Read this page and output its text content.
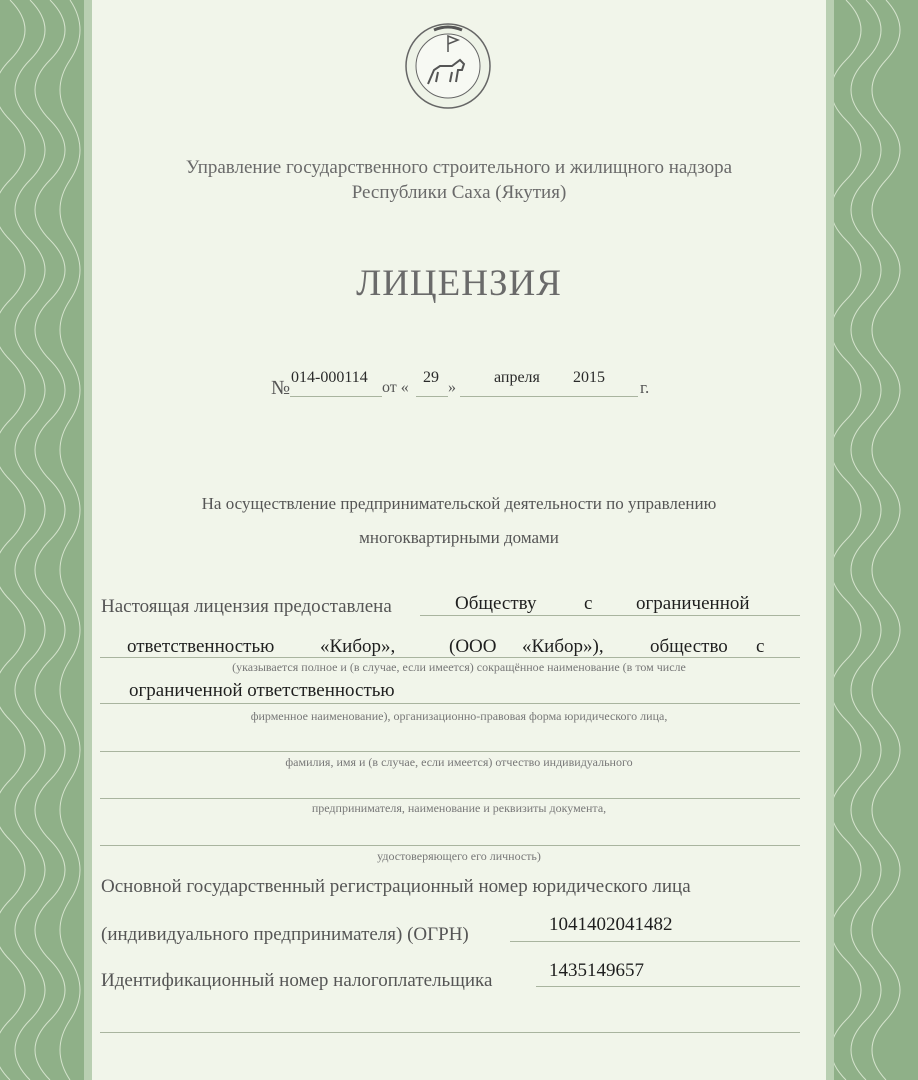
Управление государственного строительного и жилищного надзора
Республики Саха (Якутия)
ЛИЦЕНЗИЯ
№ 014-000114
от «
29
»
апреля 2015
г.
На осуществление предпринимательской деятельности по управлению
многоквартирными домами
Настоящая лицензия предоставлена	Обществу	с ограниченной
ответственностью «Кибор»,	(ООО «Кибор»), общество с
(указывается полное и (в случае, если имеется) сокращённое наименование (в том числе
ограниченной ответственностью
фирменное наименование), организационно-правовая форма юридического лица,
фамилия, имя и (в случае, если имеется) отчество индивидуального
предпринимателя, наименование и реквизиты документа,
удостоверяющего его личность)
Основной государственный регистрационный номер юридического лица
(индивидуального предпринимателя) (ОГРН)	1041402041482
Идентификационный номер налогоплательщика	1435149657
